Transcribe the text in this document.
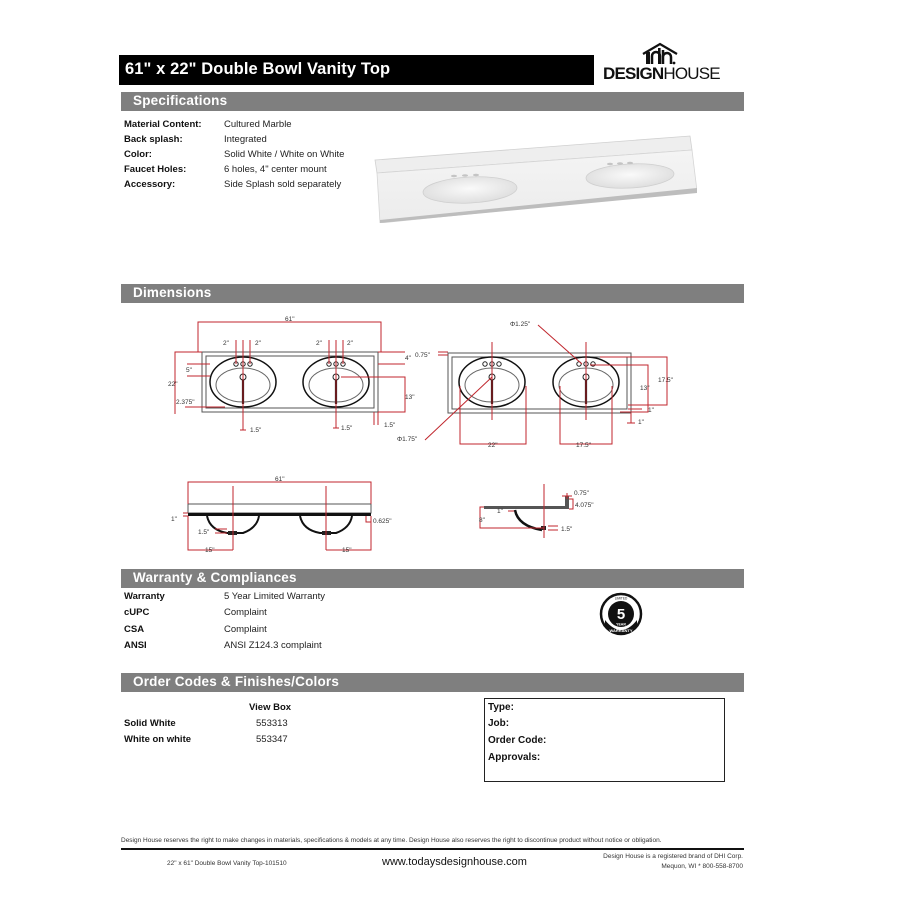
61" x 22" Double Bowl Vanity Top	DESIGNHOUSE
Specifications
Material Content: Cultured Marble
Back splash:	Integrated
Color:	Solid White / White on White
Faucet Holes:	6 holes, 4" center mount
Accessory:	Side Splash sold separately
Dimensions
61"
2"	2"	2"	2"
22"
5"
2.375"
13"
4"
1.5"	1.5"	1.5"
Φ1.25"
0.75"
Φ1.75"
22"	17.5"
13"
17.5"
1"
1"
61"
1"
1.5"
0.625"
15"	15"
0.75"
4.075"
1"
8"
1.5"
Warranty & Compliances
Warranty	5 Year Limited Warranty
cUPC	Complaint
CSA	Complaint
ANSI	ANSI Z124.3 complaint
5
YEAR
LIMITED
WARRANTY
Order Codes & Finishes/Colors
View Box
Solid White	553313
White on white	553347
Type:
Job:
Order Code:
Approvals:
Design House reserves the right to make changes in materials, specifications & models at any time. Design House also reserves the right to discontinue product without notice or obligation.
22" x 61" Double Bowl Vanity Top-101510	www.todaysdesignhouse.com	Design House is a registered brand of DHI Corp.
Mequon, WI * 800-558-8700
